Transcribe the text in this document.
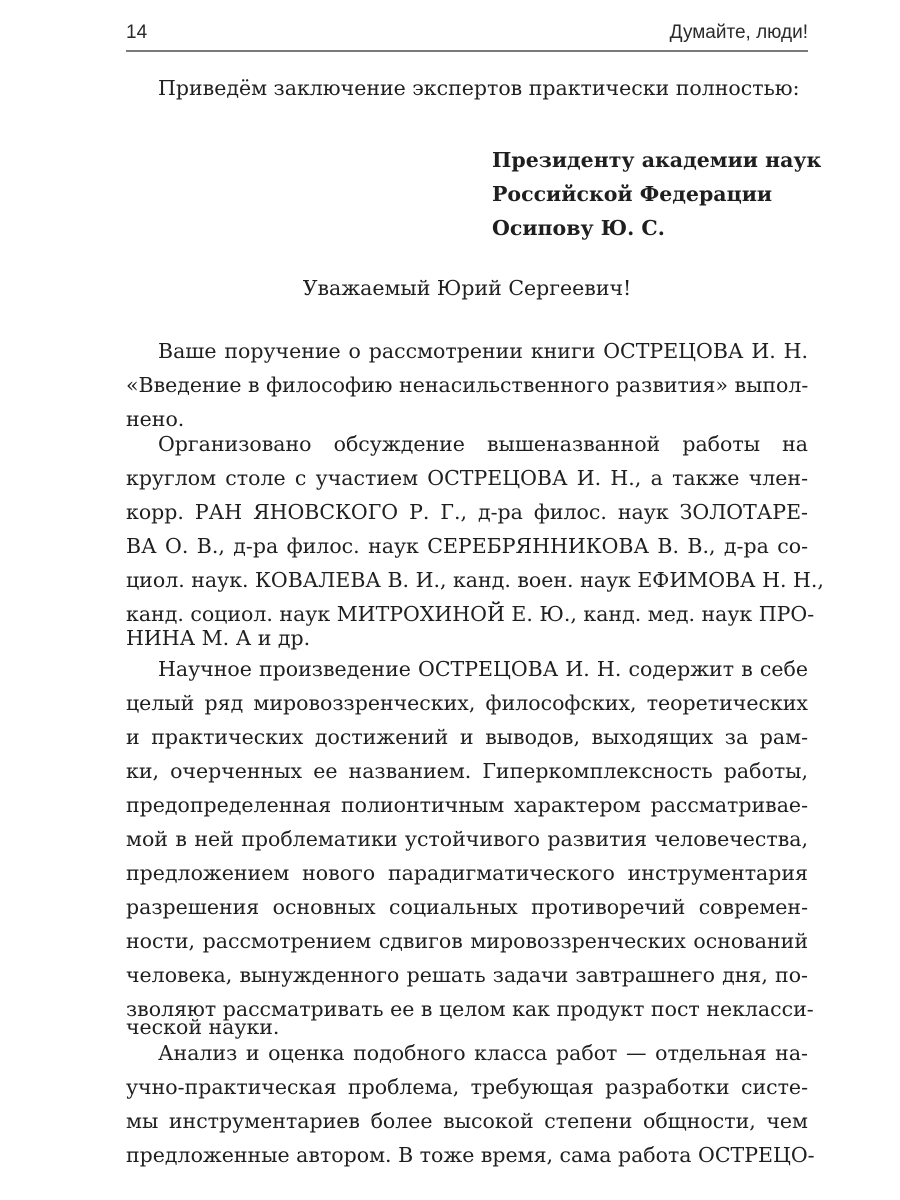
14	Думайте, люди!
Приведём заключение экспертов практически полностью:
Президенту академии наук
Российской Федерации
Осипову Ю. С.
Уважаемый Юрий Сергеевич!
Ваше поручение о рассмотрении книги ОСТРЕЦОВА И. Н.
«Введение в философию ненасильственного развития» выпол-
нено.
Организовано обсуждение вышеназванной работы на
круглом столе с участием ОСТРЕЦОВА И. Н., а также член-
корр. РАН ЯНОВСКОГО Р. Г., д-ра филос. наук ЗОЛОТАРЕ-
ВА О. В., д-ра филос. наук СЕРЕБРЯННИКОВА В. В., д-ра со-
циол. наук. КОВАЛЕВА В. И., канд. воен. наук ЕФИМОВА Н. Н.,
канд. социол. наук МИТРОХИНОЙ Е. Ю., канд. мед. наук ПРО-
НИНА М. А и др.
Научное произведение ОСТРЕЦОВА И. Н. содержит в себе
целый ряд мировоззренческих, философских, теоретических
и практических достижений и выводов, выходящих за рам-
ки, очерченных ее названием. Гиперкомплексность работы,
предопределенная полионтичным характером рассматривае-
мой в ней проблематики устойчивого развития человечества,
предложением нового парадигматического инструментария
разрешения основных социальных противоречий современ-
ности, рассмотрением сдвигов мировоззренческих оснований
человека, вынужденного решать задачи завтрашнего дня, по-
зволяют рассматривать ее в целом как продукт пост некласси-
ческой науки.
Анализ и оценка подобного класса работ — отдельная на-
учно-практическая проблема, требующая разработки систе-
мы инструментариев более высокой степени общности, чем
предложенные автором. В тоже время, сама работа ОСТРЕЦО-
